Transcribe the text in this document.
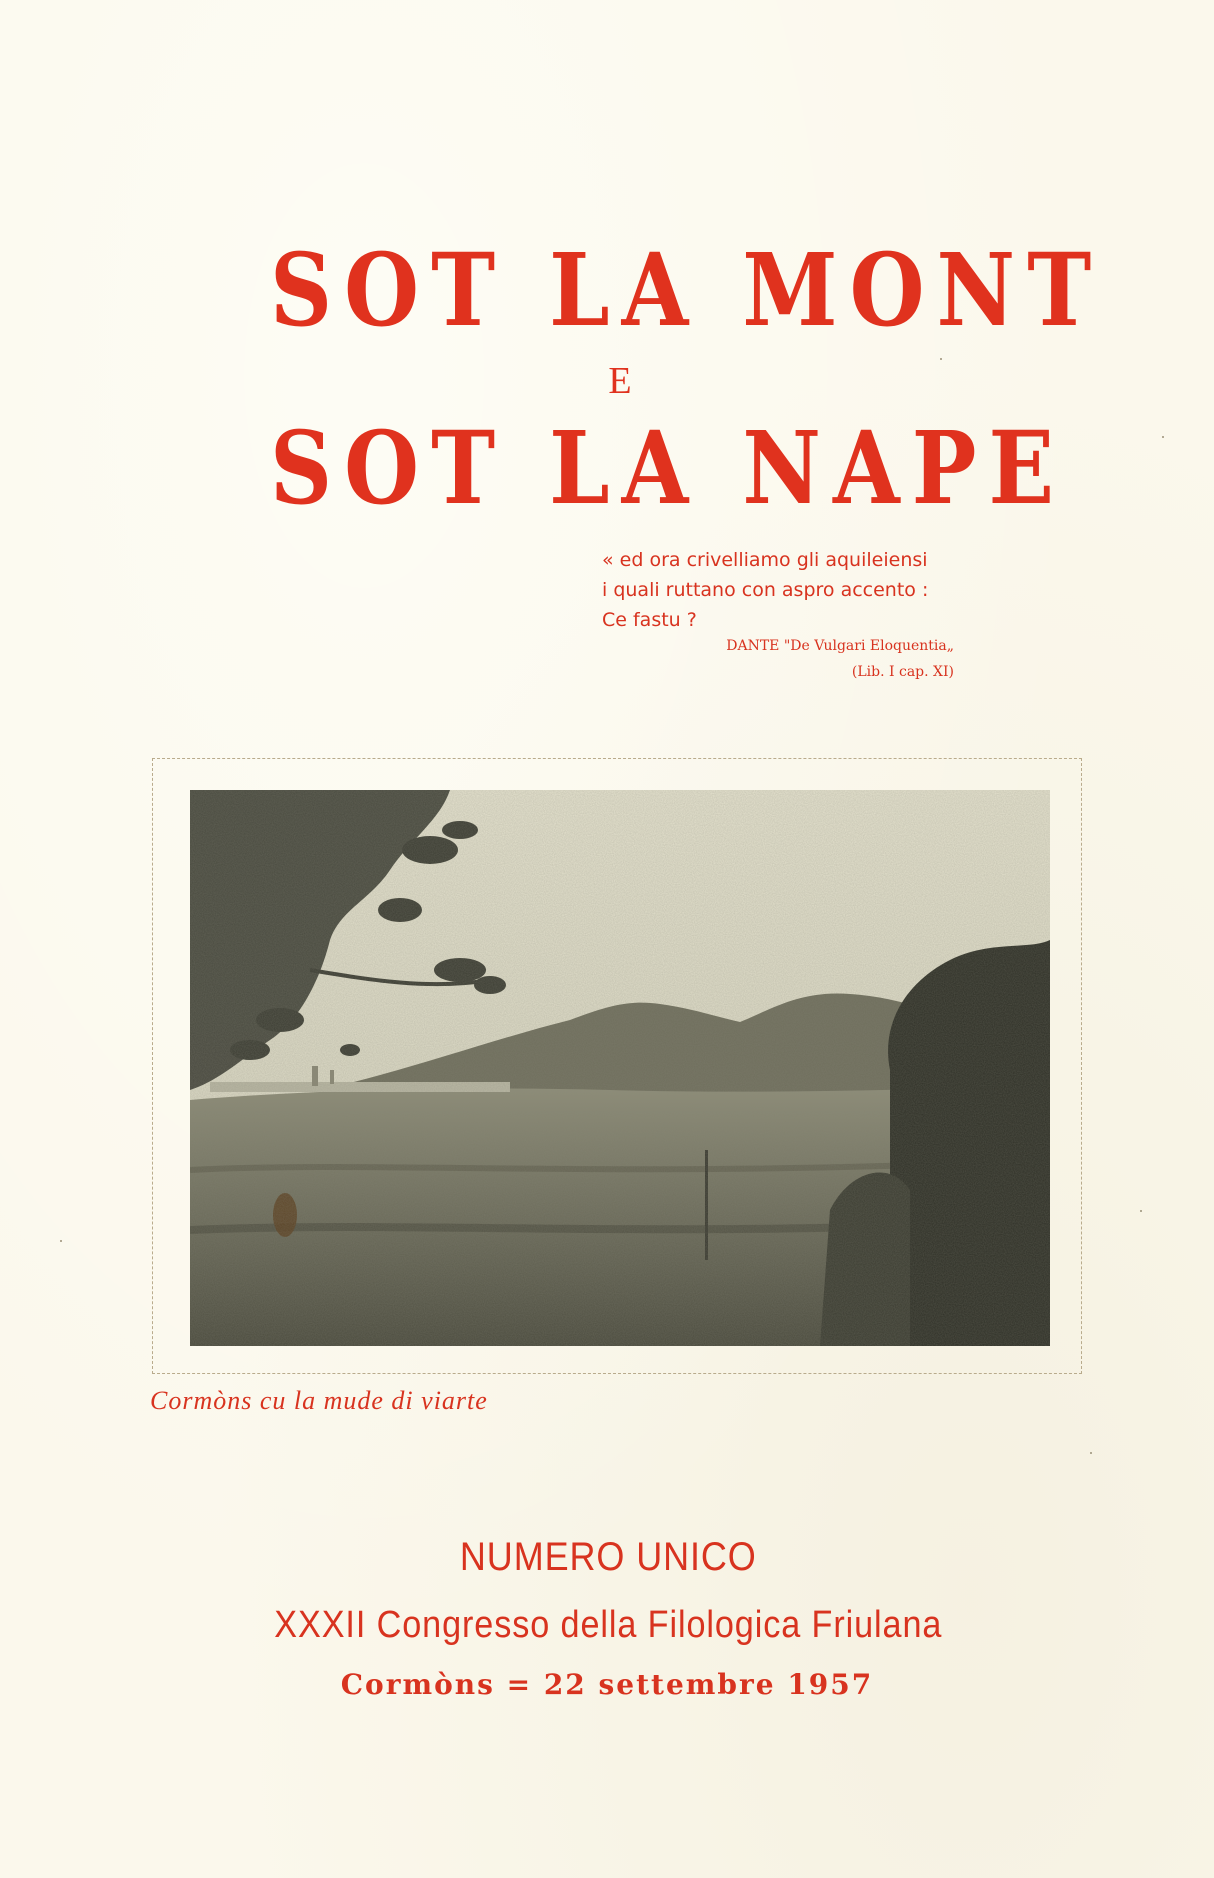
SOT LA MONT
E
SOT LA NAPE
« ed ora crivelliamo gli aquileiensi
i quali ruttano con aspro accento :
Ce fastu ?
DANTE "De Vulgari Eloquentia„
(Lib. I cap. XI)
Cormòns cu la mude di viarte
NUMERO UNICO
XXXII Congresso della Filologica Friulana
Cormòns = 22 settembre 1957
